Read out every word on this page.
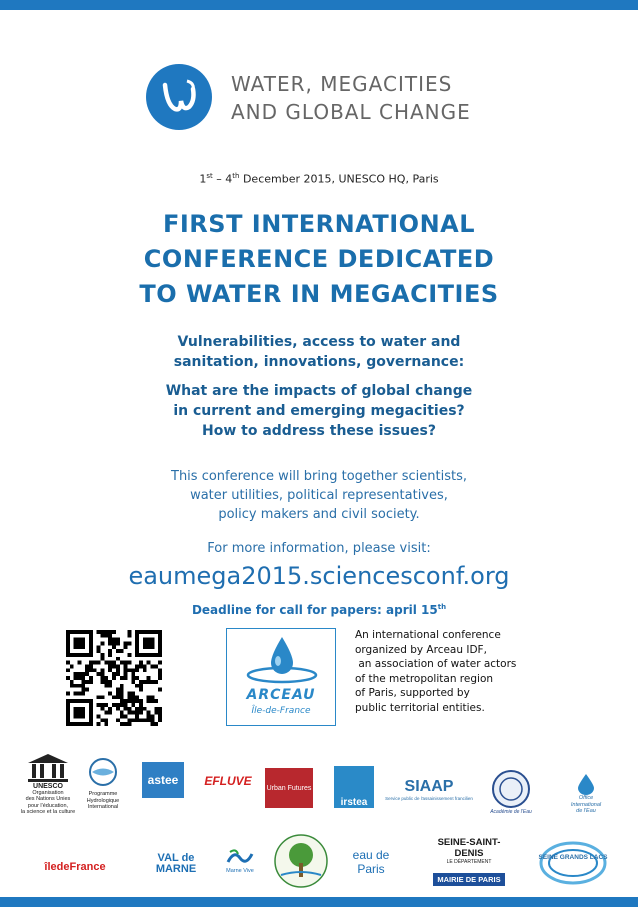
WATER, MEGACITIES
AND GLOBAL CHANGE
1st – 4th December 2015, UNESCO HQ, Paris
FIRST INTERNATIONAL
CONFERENCE DEDICATED
TO WATER IN MEGACITIES
Vulnerabilities, access to water and
sanitation, innovations, governance:
What are the impacts of global change
in current and emerging megacities?
How to address these issues?
This conference will bring together scientists,
water utilities, political representatives,
policy makers and civil society.
For more information, please visit:
eaumega2015.sciencesconf.org
Deadline for call for papers: april 15th
ARCEAU
Île-de-France
An international conference
organized by Arceau IDF,
an association of water actors
of the metropolitan region
of Paris, supported by
public territorial entities.
UNESCO
Organisation
des Nations Unies
pour l'éducation,
la science et la culture
Programme
Hydrologique
International
astee	EFLUVE	Urban Futures
irstea
SIAAP
Service public de l'assainissement francilien
Académie de l'Eau
Office
International
de l'Eau
îledeFrance
VAL de MARNE	Marne Vive
eau de Paris
SEINE-SAINT-DENIS
LE DÉPARTEMENT
MAIRIE DE PARIS
SEINE GRANDS LACS
